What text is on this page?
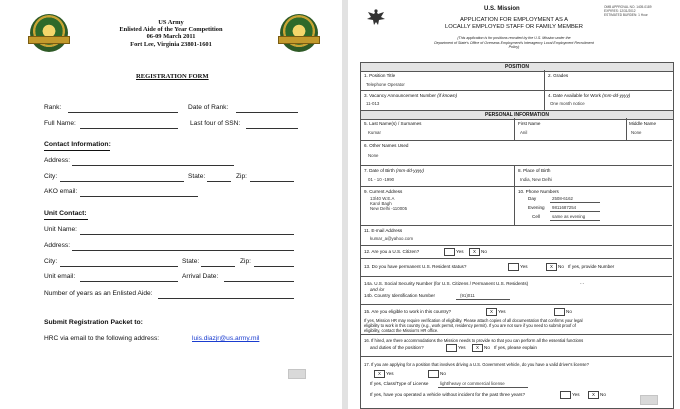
US Army
Enlisted Aide of the Year Competition
06-09 March 2011
Fort Lee, Virginia 23801-1601
REGISTRATION FORM
Rank:	Date of Rank:
Full Name:	Last four of SSN:
Contact Information:
Address:
City:	State:	Zip:
AKO email:
Unit Contact:
Unit Name:
Address:
City:	State:	Zip:
Unit email:	Arrival Date:
Number of years as an Enlisted Aide:
Submit Registration Packet to:
HRC via email to the following address:	luis.diazjr@us.army.mil
U.S. Mission	OMB APPROVAL NO. 1405-0189
EXPIRES: 12/31/2012
ESTIMATED BURDEN: 1 Hour
APPLICATION FOR EMPLOYMENT AS A
LOCALLY EMPLOYED STAFF OR FAMILY MEMBER
(This application is for positions recruited by the U.S. Mission under the
Department of State's Office of Overseas Employment's Interagency Local Employment Recruitment
Policy)
POSITION
1. Position Title
Telephone Operator
2. Grades
3. Vacancy Announcement Number (if known)
11-013
4. Date Available for Work (mm-dd-yyyy)
One month notice
PERSONAL INFORMATION
5. Last Name(s) / Surnames
Kumar
First Name
Anil
Middle Name
None
6. Other Names Used
None
7. Date of Birth (mm-dd-yyyy)
01 - 10 -1990
8. Place of Birth
India, New Delhi
9. Current Address
13/40 W.E.A
Karol Bagh
New Delhi -110005
10. Phone Numbers
Day	2508-6162
Evening 9811687254
Cell	same as evening
11. E-mail Address
kumar_a@yahoo.com
12. Are you a U.S. Citizen?	Yes	X	No
13. Do you have permanent U.S. Resident status?	Yes	X	No If yes, provide Number
14a. U.S. Social Security Number (for U.S. Citizens / Permanent U.S. Residents)	- -
and /or
14b. Country Identification Number	(91)011
15. Are you eligible to work in this country?	X	Yes	No
If yes, Mission HR may require verification of eligibility. Please attach copies of all documentation that confirms your legal
eligibility to work in this country (e.g., work permit, residency permit). If you are not sure if you need to submit proof of
eligibility, contact the Mission's HR office.
16. If hired, are there accommodations the Mission needs to provide so that you can perform all the essential functions
and duties of the position?	Yes	X	No If yes, please explain
17. If you are applying for a position that involves driving a U.S. Government vehicle, do you have a valid driver's license?
X	Yes	No
If yes, Class/Type of License	light/heavy or commercial license
If yes, have you operated a vehicle without incident for the past three years?	Yes	X	No
